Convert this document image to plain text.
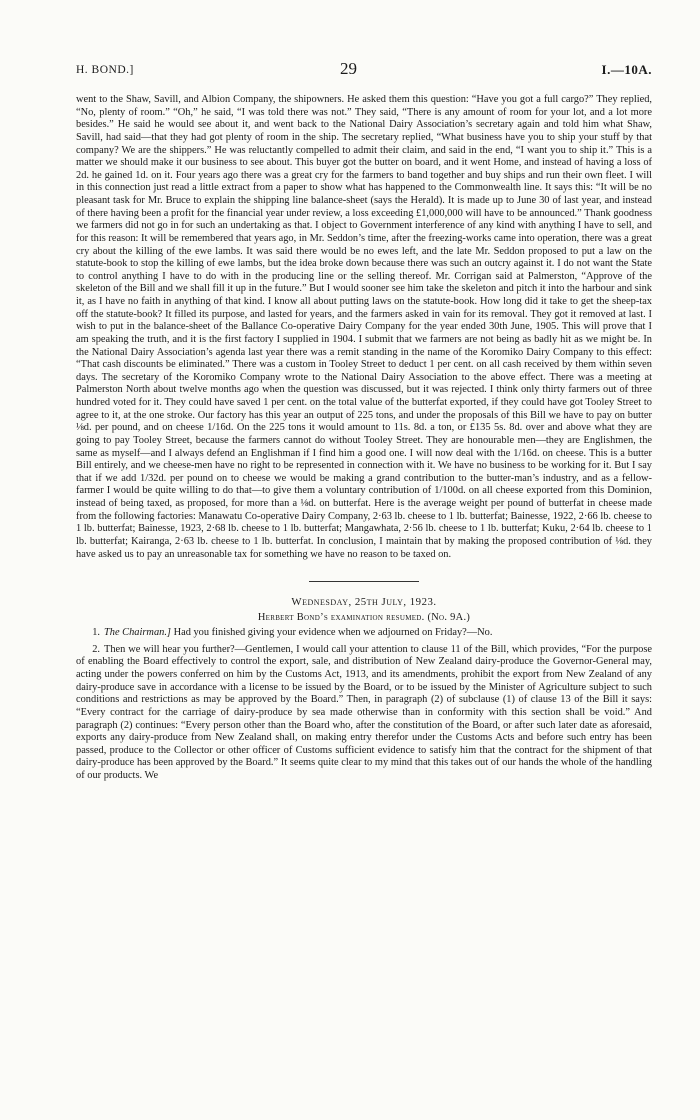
H. BOND.]	29	I.—10A.

went to the Shaw, Savill, and Albion Company, the shipowners. He asked them this question: “Have you got a full cargo?” They replied, “No, plenty of room.” “Oh,” he said, “I was told there was not.” They said, “There is any amount of room for your lot, and a lot more besides.” He said he would see about it, and went back to the National Dairy Association’s secretary again and told him what Shaw, Savill, had said—that they had got plenty of room in the ship. The secretary replied, “What business have you to ship your stuff by that company? We are the shippers.” He was reluctantly compelled to admit their claim, and said in the end, “I want you to ship it.” This is a matter we should make it our business to see about. This buyer got the butter on board, and it went Home, and instead of having a loss of 2d. he gained 1d. on it. Four years ago there was a great cry for the farmers to band together and buy ships and run their own fleet. I will in this connection just read a little extract from a paper to show what has happened to the Commonwealth line. It says this: “It will be no pleasant task for Mr. Bruce to explain the shipping line balance-sheet (says the Herald). It is made up to June 30 of last year, and instead of there having been a profit for the financial year under review, a loss exceeding £1,000,000 will have to be announced.” Thank goodness we farmers did not go in for such an undertaking as that. I object to Government interference of any kind with anything I have to sell, and for this reason: It will be remembered that years ago, in Mr. Seddon’s time, after the freezing-works came into operation, there was a great cry about the killing of the ewe lambs. It was said there would be no ewes left, and the late Mr. Seddon proposed to put a law on the statute-book to stop the killing of ewe lambs, but the idea broke down because there was such an outcry against it. I do not want the State to control anything I have to do with in the producing line or the selling thereof. Mr. Corrigan said at Palmerston, “Approve of the skeleton of the Bill and we shall fill it up in the future.” But I would sooner see him take the skeleton and pitch it into the harbour and sink it, as I have no faith in anything of that kind. I know all about putting laws on the statute-book. How long did it take to get the sheep-tax off the statute-book? It filled its purpose, and lasted for years, and the farmers asked in vain for its removal. They got it removed at last. I wish to put in the balance-sheet of the Ballance Co-operative Dairy Company for the year ended 30th June, 1905. This will prove that I am speaking the truth, and it is the first factory I supplied in 1904. I submit that we farmers are not being as badly hit as we might be. In the National Dairy Association’s agenda last year there was a remit standing in the name of the Koromiko Dairy Company to this effect: “That cash discounts be eliminated.” There was a custom in Tooley Street to deduct 1 per cent. on all cash received by them within seven days. The secretary of the Koromiko Company wrote to the National Dairy Association to the above effect. There was a meeting at Palmerston North about twelve months ago when the question was discussed, but it was rejected. I think only thirty farmers out of three hundred voted for it. They could have saved 1 per cent. on the total value of the butterfat exported, if they could have got Tooley Street to agree to it, at the one stroke. Our factory has this year an output of 225 tons, and under the proposals of this Bill we have to pay on butter ⅛d. per pound, and on cheese 1/16d. On the 225 tons it would amount to 11s. 8d. a ton, or £135 5s. 8d. over and above what they are going to pay Tooley Street, because the farmers cannot do without Tooley Street. They are honourable men—they are Englishmen, the same as myself—and I always defend an Englishman if I find him a good one. I will now deal with the 1/16d. on cheese. This is a butter Bill entirely, and we cheese-men have no right to be represented in connection with it. We have no business to be working for it. But I say that if we add 1/32d. per pound on to cheese we would be making a grand contribution to the butter-man’s industry, and as a fellow-farmer I would be quite willing to do that—to give them a voluntary contribution of 1/100d. on all cheese exported from this Dominion, instead of being taxed, as proposed, for more than a ⅛d. on butterfat. Here is the average weight per pound of butterfat in cheese made from the following factories: Manawatu Co-operative Dairy Company, 2·63 lb. cheese to 1 lb. butterfat; Bainesse, 1922, 2·66 lb. cheese to 1 lb. butterfat; Bainesse, 1923, 2·68 lb. cheese to 1 lb. butterfat; Mangawhata, 2·56 lb. cheese to 1 lb. butterfat; Kuku, 2·64 lb. cheese to 1 lb. butterfat; Kairanga, 2·63 lb. cheese to 1 lb. butterfat. In conclusion, I maintain that by making the proposed contribution of ⅛d. they have asked us to pay an unreasonable tax for something we have no reason to be taxed on.

Wednesday, 25th July, 1923.
Herbert Bond’s examination resumed. (No. 9A.)

1. The Chairman.] Had you finished giving your evidence when we adjourned on Friday?—No.

2. Then we will hear you further?—Gentlemen, I would call your attention to clause 11 of the Bill, which provides, “For the purpose of enabling the Board effectively to control the export, sale, and distribution of New Zealand dairy-produce the Governor-General may, acting under the powers conferred on him by the Customs Act, 1913, and its amendments, prohibit the export from New Zealand of any dairy-produce save in accordance with a license to be issued by the Board, or to be issued by the Minister of Agriculture subject to such conditions and restrictions as may be approved by the Board.” Then, in paragraph (2) of subclause (1) of clause 13 of the Bill it says: “Every contract for the carriage of dairy-produce by sea made otherwise than in conformity with this section shall be void.” And paragraph (2) continues: “Every person other than the Board who, after the constitution of the Board, or after such later date as aforesaid, exports any dairy-produce from New Zealand shall, on making entry therefor under the Customs Acts and before such entry has been passed, produce to the Collector or other officer of Customs sufficient evidence to satisfy him that the contract for the shipment of that dairy-produce has been approved by the Board.” It seems quite clear to my mind that this takes out of our hands the whole of the handling of our products. We
